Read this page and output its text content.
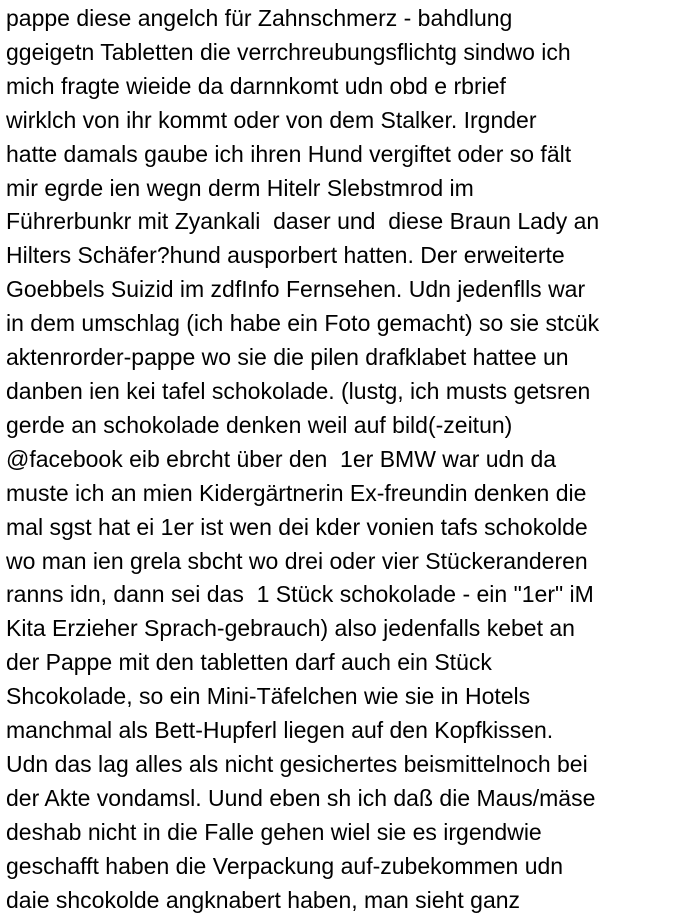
pappe diese angelch für Zahnschmerz - bahdlung
ggeigetn Tabletten die verrchreubungsflichtg sindwo ich
mich fragte wieide da darnnkomt udn obd e rbrief
wirklch von ihr kommt oder von dem Stalker. Irgnder
hatte damals gaube ich ihren Hund vergiftet oder so fält
mir egrde ien wegn derm Hitelr Slebstmrod im
Führerbunkr mit Zyankali  daser und  diese Braun Lady an
Hilters Schäfer?hund ausporbert hatten. Der erweiterte
Goebbels Suizid im zdfInfo Fernsehen. Udn jedenflls war
in dem umschlag (ich habe ein Foto gemacht) so sie stcük
aktenrorder-pappe wo sie die pilen drafklabet hattee un
danben ien kei tafel schokolade. (lustg, ich musts getsren
gerde an schokolade denken weil auf bild(-zeitun)
@facebook eib ebrcht über den  1er BMW war udn da
muste ich an mien Kidergärtnerin Ex-freundin denken die
mal sgst hat ei 1er ist wen dei kder vonien tafs schokolde
wo man ien grela sbcht wo drei oder vier Stückeranderen
ranns idn, dann sei das  1 Stück schokolade - ein "1er" iM
Kita Erzieher Sprach-gebrauch) also jedenfalls kebet an
der Pappe mit den tabletten darf auch ein Stück
Shcokolade, so ein Mini-Täfelchen wie sie in Hotels
manchmal als Bett-Hupferl liegen auf den Kopfkissen.
Udn das lag alles als nicht gesichertes beismittelnoch bei
der Akte vondamsl. Uund eben sh ich daß die Maus/mäse
deshab nicht in die Falle gehen wiel sie es irgendwie
geschafft haben die Verpackung auf-zubekommen udn
daie shcokolde angknabert haben, man sieht ganz
